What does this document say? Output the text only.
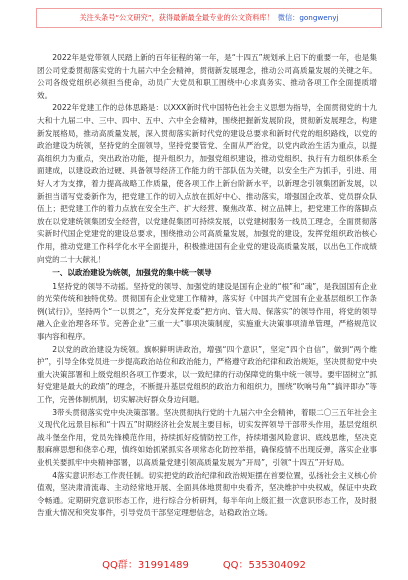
关注头条号“公文研究”，获得最新最全最专业的公文资料库！ 微信：gongwenyj

2022年是党带领人民踏上新的百年征程的第一年，是“十四五”规划承上启下的重要一年，也是集团公司党委贯彻落实党的十九届六中全会精神，贯彻新发展理念，推动公司高质量发展的关键之年。公司各级党组织必须担当使命，动员广大党员和职工围绕中心求真务实、推动各项工作全面提质增效。

2022年党建工作的总体思路是：以XXX新时代中国特色社会主义思想为指导，全面贯彻党的十九大和十九届二中、三中、四中、五中、六中全会精神，围绕把握新发展阶段，贯彻新发展理念，构建新发展格局，推动高质量发展，深入贯彻落实新时代党的建设总要求和新时代党的组织路线，以党的政治建设为统领，坚持党的全面领导，坚持党要管党、全面从严治党，以党内政治生活为重点，以提高组织力为重点，突出政治功能，提升组织力，加强党组织建设，推动党组织、执行有力组织体系全面建成，以建设政治过硬、具备领导经济工作能力的干部队伍为关键，以安全生产为抓手，引进、用好人才为支撑，着力提高战略工作质量，使各项工作上新台阶新水平，以新理念引领集团新发展，以新担当谱写党委新作为，把党建工作的切入点放在抓好中心、推动落实，增强国企改革、党员群众队伍上；把党建工作的着力点放在安全生产、扩大经营、聚焦改革、树立品牌上，把党建工作的落脚点放在以党建统领集团安全经营，以党建促集团可持续发展，以党建树服务一线员工理念，全面贯彻落实新时代国企党建党的建设总要求，围绕推动公司高质量发展，加强党的建设，发挥党组织政治核心作用，推动党建工作科学化水平全面提升，积极推进国有企业党的建设高质量发展，以出色工作成绩向党的二十大献礼！

一、以政治建设为统领，加强党的集中统一领导

1坚持党的领导不动摇。坚持党的领导、加强党的建设是国有企业的“根”和“魂”，是我国国有企业的光荣传统和独特优势。贯彻国有企业党建工作精神，落实好《中国共产党国有企业基层组织工作条例(试行)》，坚持两个“一以贯之”，充分发挥党委“把方向、管大局、保落实”的领导作用，将党的领导融入企业治理各环节。完善企业“三重一大”事项决策制度，实施重大决策事项清单管理，严格规范议事内容和程序。

2以党的政治建设为统领。旗帜鲜明讲政治，增强“四个意识”，坚定“四个自信”，做到“两个维护”，引导全体党员进一步提高政治站位和政治能力，严格遵守政治纪律和政治规矩，坚决贯彻党中央重大决策部署和上级党组织各项工作要求，以一致纪律的行动保障党的集中统一领导。要牢固树立“抓好党建是最大的政绩”的理念，不断提升基层党组织的政治力和组织力，围绕“吹响号角”“搞评即办”等工作，完善体制机制，切实解决好群众身边问题。

3带头贯彻落实党中央决策部署。坚决贯彻执行党的十九届六中全会精神，着眼二〇三五年社会主义现代化远景目标和“十四五”时期经济社会发展主要目标，切实发挥领导干部带头作用，基层党组织战斗堡垒作用，党员先锋模范作用，持续抓好疫情防控工作，持续增强风险意识、底线思维，坚决克服麻痹思想和侥幸心理，慎终如始抓紧抓实各项常态化防控举措，确保疫情不出现反弹，落实企业事业机关要抓牢中央精神部署，以高质量党建引领高质量发展为“开局”，引领“十四五”开好局。

4落实意识形态工作责任制。切实把党的政治纪律和政治规矩摆在首要位置，弘扬社会主义核心价值观，坚决肃清流毒、主动经常地开展、全面具体地贯彻中央看齐，坚决维护中央权威，保证中央政令畅通。定期研究意识形态工作，进行综合分析研判，每半年向上级汇报一次意识形态工作，及时报告重大情况和突发事件，引导党员干部坚定理想信念，站稳政治立场。

QQ群：31991489	QQ：535304092
